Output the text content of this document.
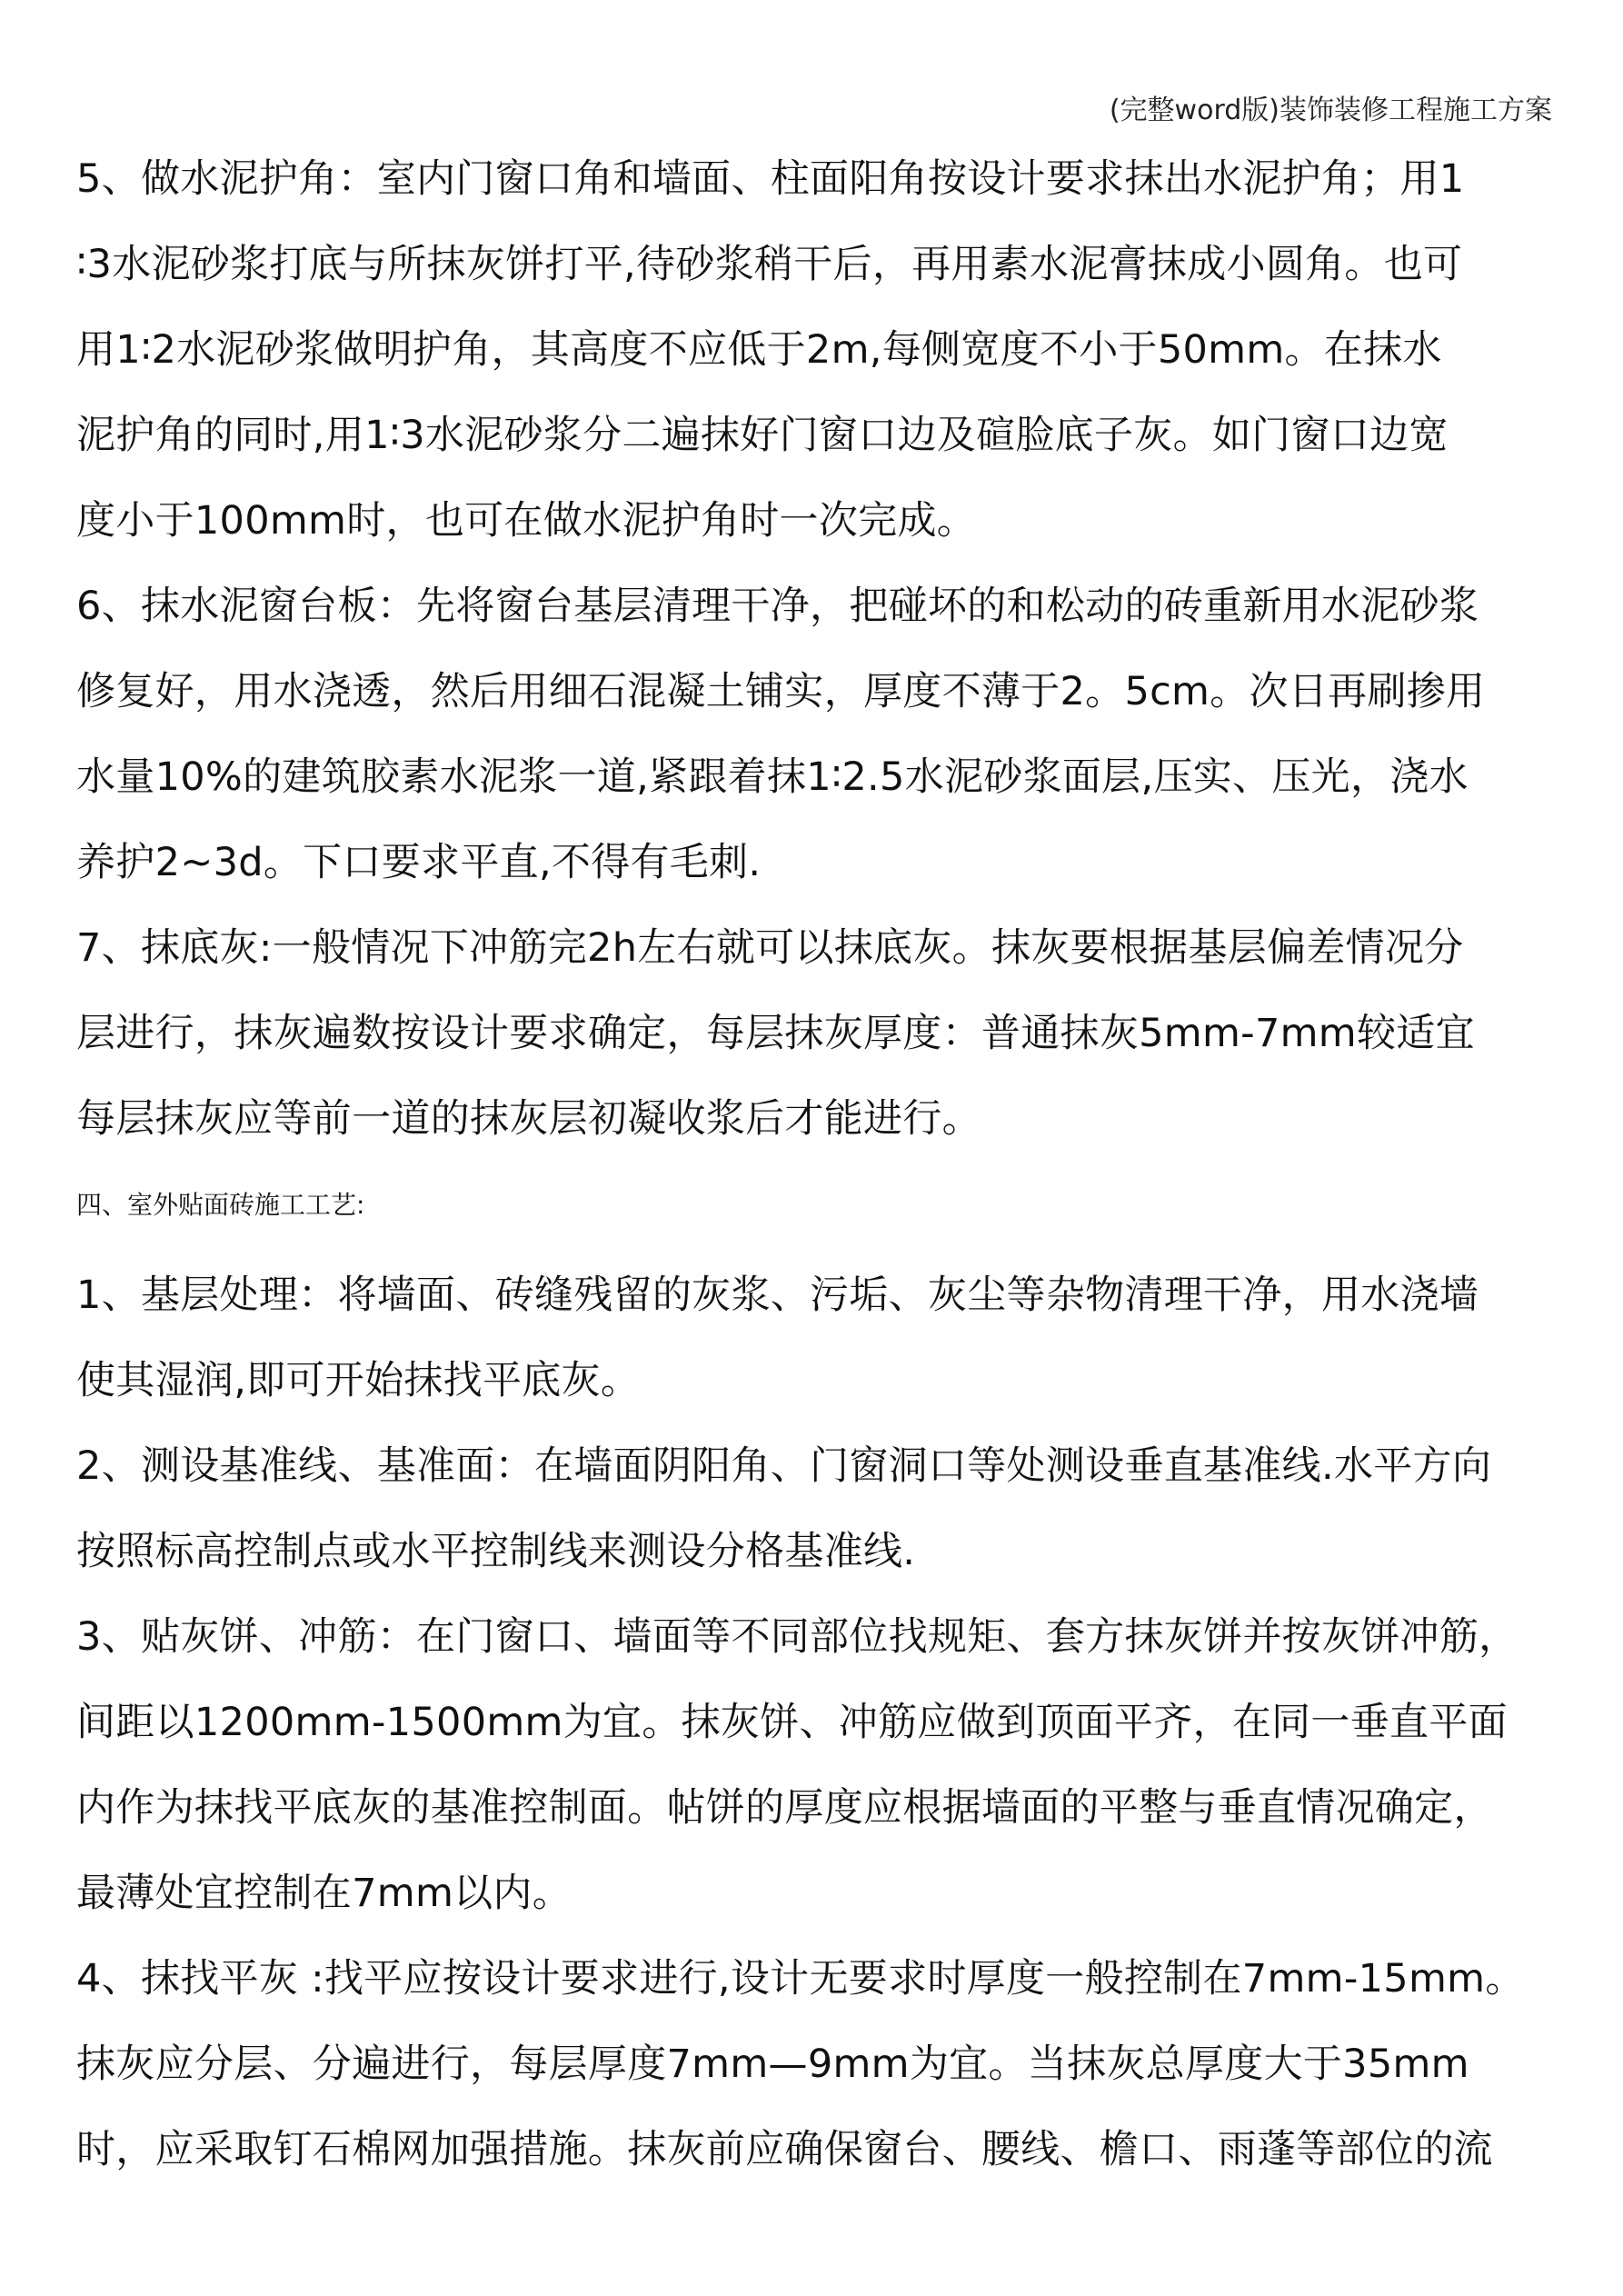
(完整word版)装饰装修工程施工方案
5、做水泥护角：室内门窗口角和墙面、柱面阳角按设计要求抹出水泥护角；用1
∶3水泥砂浆打底与所抹灰饼打平,待砂浆稍干后，再用素水泥膏抹成小圆角。也可
用1∶2水泥砂浆做明护角，其高度不应低于2m,每侧宽度不小于50mm。在抹水
泥护角的同时,用1∶3水泥砂浆分二遍抹好门窗口边及碹脸底子灰。如门窗口边宽
度小于100mm时，也可在做水泥护角时一次完成。
6、抹水泥窗台板：先将窗台基层清理干净，把碰坏的和松动的砖重新用水泥砂浆
修复好，用水浇透，然后用细石混凝土铺实，厚度不薄于2。5cm。次日再刷掺用
水量10%的建筑胶素水泥浆一道,紧跟着抹1∶2.5水泥砂浆面层,压实、压光，浇水
养护2~3d。下口要求平直,不得有毛刺.
7、抹底灰:一般情况下冲筋完2h左右就可以抹底灰。抹灰要根据基层偏差情况分
层进行，抹灰遍数按设计要求确定，每层抹灰厚度：普通抹灰5mm-7mm较适宜
每层抹灰应等前一道的抹灰层初凝收浆后才能进行。
四、室外贴面砖施工工艺:
1、基层处理：将墙面、砖缝残留的灰浆、污垢、灰尘等杂物清理干净，用水浇墙
使其湿润,即可开始抹找平底灰。
2、测设基准线、基准面：在墙面阴阳角、门窗洞口等处测设垂直基准线.水平方向
按照标高控制点或水平控制线来测设分格基准线.
3、贴灰饼、冲筋：在门窗口、墙面等不同部位找规矩、套方抹灰饼并按灰饼冲筋，
间距以1200mm-1500mm为宜。抹灰饼、冲筋应做到顶面平齐，在同一垂直平面
内作为抹找平底灰的基准控制面。帖饼的厚度应根据墙面的平整与垂直情况确定，
最薄处宜控制在7mm以内。
4、抹找平灰 :找平应按设计要求进行,设计无要求时厚度一般控制在7mm-15mm。
抹灰应分层、分遍进行，每层厚度7mm—9mm为宜。当抹灰总厚度大于35mm
时，应采取钉石棉网加强措施。抹灰前应确保窗台、腰线、檐口、雨蓬等部位的流
